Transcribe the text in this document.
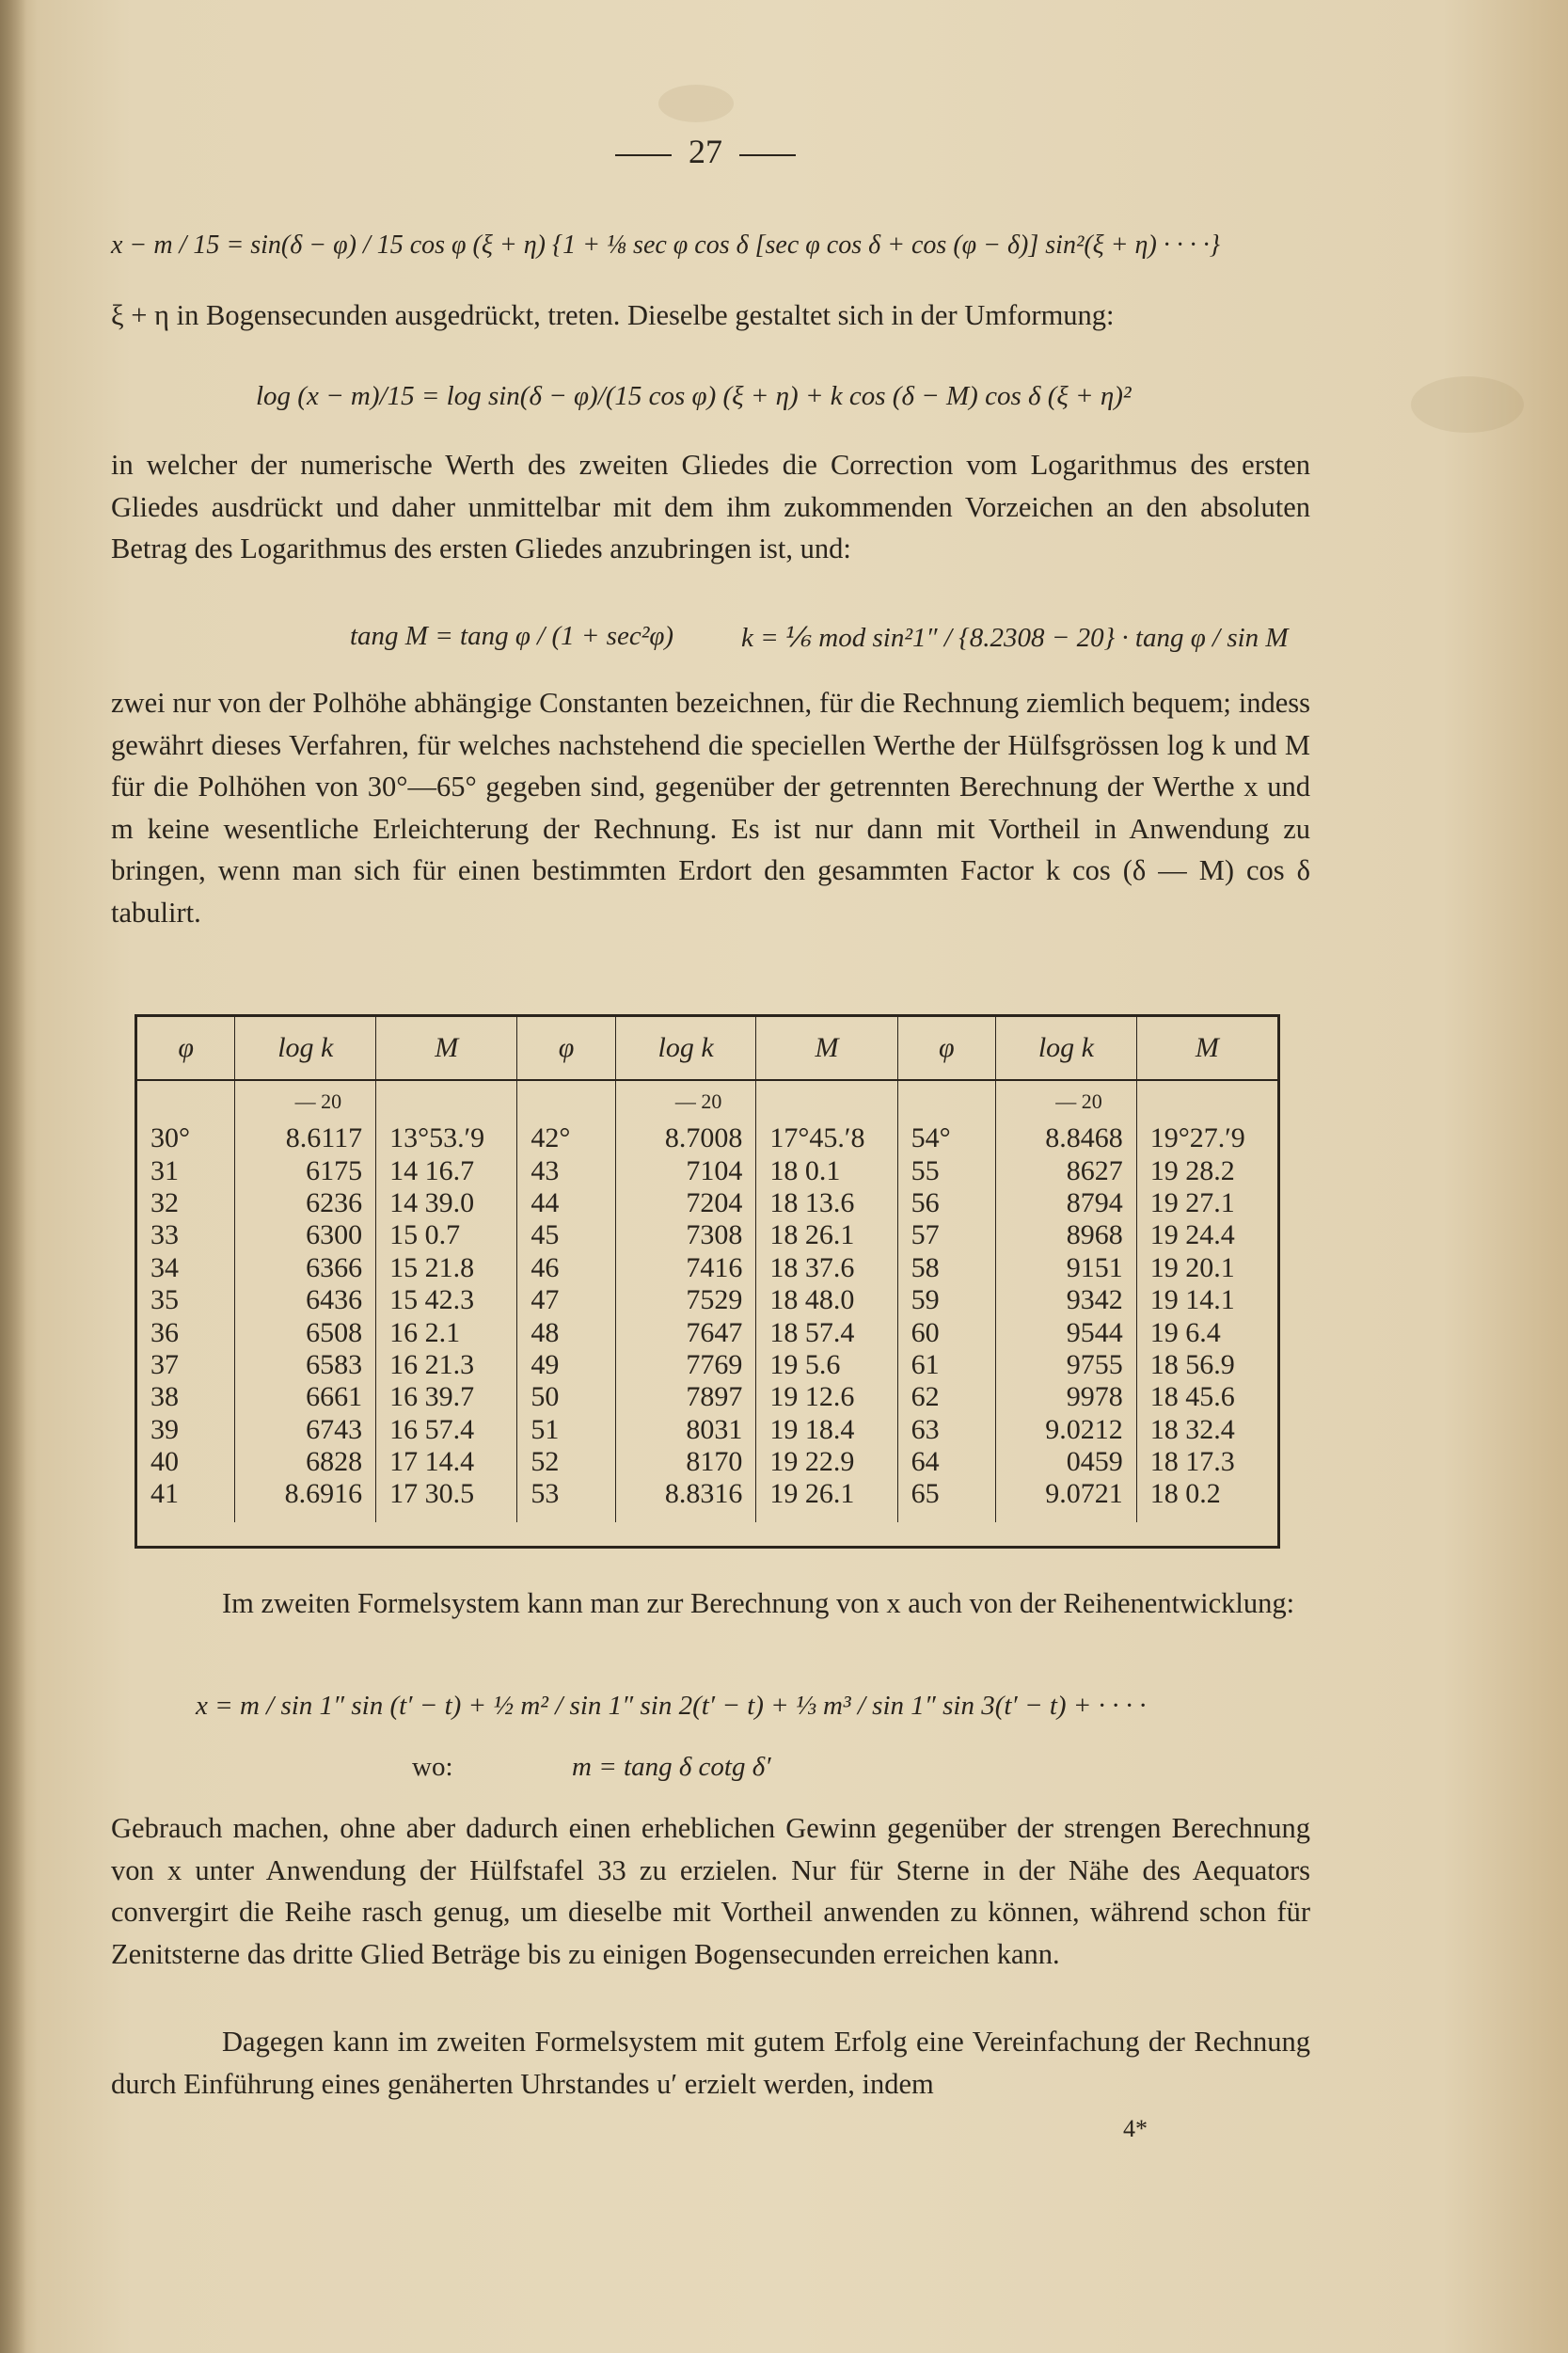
27
x − m / 15 = sin(δ − φ) / 15 cos φ (ξ + η) {1 + ⅛ sec φ cos δ [sec φ cos δ + cos (φ − δ)] sin²(ξ + η) · · · ·}
ξ + η in Bogensecunden ausgedrückt, treten. Dieselbe gestaltet sich in der Umformung:
log (x − m)/15 = log sin(δ − φ)/(15 cos φ) (ξ + η) + k cos (δ − M) cos δ (ξ + η)²
in welcher der numerische Werth des zweiten Gliedes die Correction vom Logarithmus des ersten Gliedes ausdrückt und daher unmittelbar mit dem ihm zukommenden Vorzeichen an den absoluten Betrag des Logarithmus des ersten Gliedes anzubringen ist, und:
tang M = tang φ / (1 + sec²φ) k = ⅙ mod sin²1″ / {8.2308 − 20} · tang φ / sin M
zwei nur von der Polhöhe abhängige Constanten bezeichnen, für die Rechnung ziemlich bequem; indess gewährt dieses Verfahren, für welches nachstehend die speciellen Werthe der Hülfsgrössen log k und M für die Polhöhen von 30°—65° gegeben sind, gegenüber der getrennten Berechnung der Werthe x und m keine wesentliche Erleichterung der Rechnung. Es ist nur dann mit Vortheil in Anwendung zu bringen, wenn man sich für einen bestimmten Erdort den gesammten Factor k cos (δ — M) cos δ tabulirt.
φ	log k	M	φ	log k	M	φ	log k	M
	— 20			— 20			— 20	
30°	8.6117	13°53.′9	42°	8.7008	17°45.′8	54°	8.8468	19°27.′9
31	6175	14 16.7	43	7104	18 0.1	55	8627	19 28.2
32	6236	14 39.0	44	7204	18 13.6	56	8794	19 27.1
33	6300	15 0.7	45	7308	18 26.1	57	8968	19 24.4
34	6366	15 21.8	46	7416	18 37.6	58	9151	19 20.1
35	6436	15 42.3	47	7529	18 48.0	59	9342	19 14.1
36	6508	16 2.1	48	7647	18 57.4	60	9544	19 6.4
37	6583	16 21.3	49	7769	19 5.6	61	9755	18 56.9
38	6661	16 39.7	50	7897	19 12.6	62	9978	18 45.6
39	6743	16 57.4	51	8031	19 18.4	63	9.0212	18 32.4
40	6828	17 14.4	52	8170	19 22.9	64	0459	18 17.3
41	8.6916	17 30.5	53	8.8316	19 26.1	65	9.0721	18 0.2
Im zweiten Formelsystem kann man zur Berechnung von x auch von der Reihenentwicklung:
x = m / sin 1″ sin (t′ − t) + ½ m² / sin 1″ sin 2(t′ − t) + ⅓ m³ / sin 1″ sin 3(t′ − t) + · · · ·
wo:	m = tang δ cotg δ′
Gebrauch machen, ohne aber dadurch einen erheblichen Gewinn gegenüber der strengen Berechnung von x unter Anwendung der Hülfstafel 33 zu erzielen. Nur für Sterne in der Nähe des Aequators convergirt die Reihe rasch genug, um dieselbe mit Vortheil anwenden zu können, während schon für Zenitsterne das dritte Glied Beträge bis zu einigen Bogensecunden erreichen kann.
Dagegen kann im zweiten Formelsystem mit gutem Erfolg eine Vereinfachung der Rechnung durch Einführung eines genäherten Uhrstandes u′ erzielt werden, indem
4*
